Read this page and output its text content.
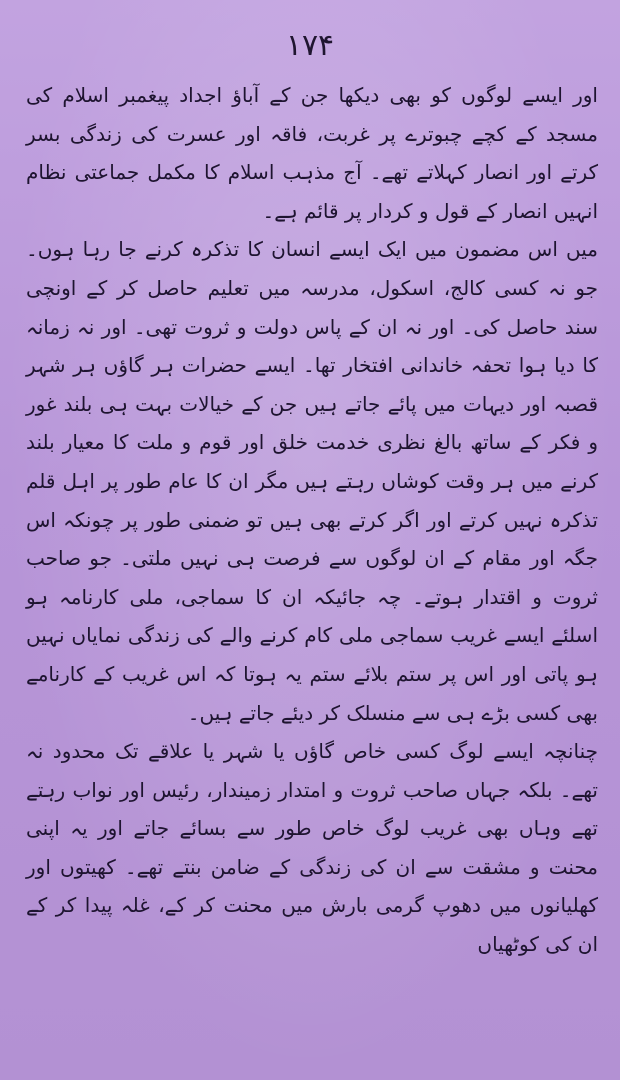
۱۷۴

اور ایسے لوگوں کو بھی دیکھا جن کے آباؤ اجداد پیغمبر اسلام کی مسجد کے کچے چبوترے پر غربت، فاقہ اور عسرت کی زندگی بسر کرتے اور انصار کہلاتے تھے۔ آج مذہب اسلام کا مکمل جماعتی نظام انہیں انصار کے قول و کردار پر قائم ہے۔

میں اس مضمون میں ایک ایسے انسان کا تذکرہ کرنے جا رہا ہوں۔ جو نہ کسی کالج، اسکول، مدرسہ میں تعلیم حاصل کر کے اونچی سند حاصل کی۔ اور نہ ان کے پاس دولت و ثروت تھی۔ اور نہ زمانہ کا دیا ہوا تحفہ خاندانی افتخار تھا۔ ایسے حضرات ہر گاؤں ہر شہر قصبہ اور دیہات میں پائے جاتے ہیں جن کے خیالات بہت ہی بلند غور و فکر کے ساتھ بالغ نظری خدمت خلق اور قوم و ملت کا معیار بلند کرنے میں ہر وقت کوشاں رہتے ہیں مگر ان کا عام طور پر اہل قلم تذکرہ نہیں کرتے اور اگر کرتے بھی ہیں تو ضمنی طور پر چونکہ اس جگہ اور مقام کے ان لوگوں سے فرصت ہی نہیں ملتی۔ جو صاحب ثروت و اقتدار ہوتے۔ چہ جائیکہ ان کا سماجی، ملی کارنامہ ہو اسلئے ایسے غریب سماجی ملی کام کرنے والے کی زندگی نمایاں نہیں ہو پاتی اور اس پر ستم بلائے ستم یہ ہوتا کہ اس غریب کے کارنامے بھی کسی بڑے ہی سے منسلک کر دیئے جاتے ہیں۔

چنانچہ ایسے لوگ کسی خاص گاؤں یا شہر یا علاقے تک محدود نہ تھے۔ بلکہ جہاں صاحب ثروت و امتدار زمیندار، رئیس اور نواب رہتے تھے وہاں بھی غریب لوگ خاص طور سے بسائے جاتے اور یہ اپنی محنت و مشقت سے ان کی زندگی کے ضامن بنتے تھے۔ کھیتوں اور کھلیانوں میں دھوپ گرمی بارش میں محنت کر کے، غلہ پیدا کر کے ان کی کوٹھیاں
